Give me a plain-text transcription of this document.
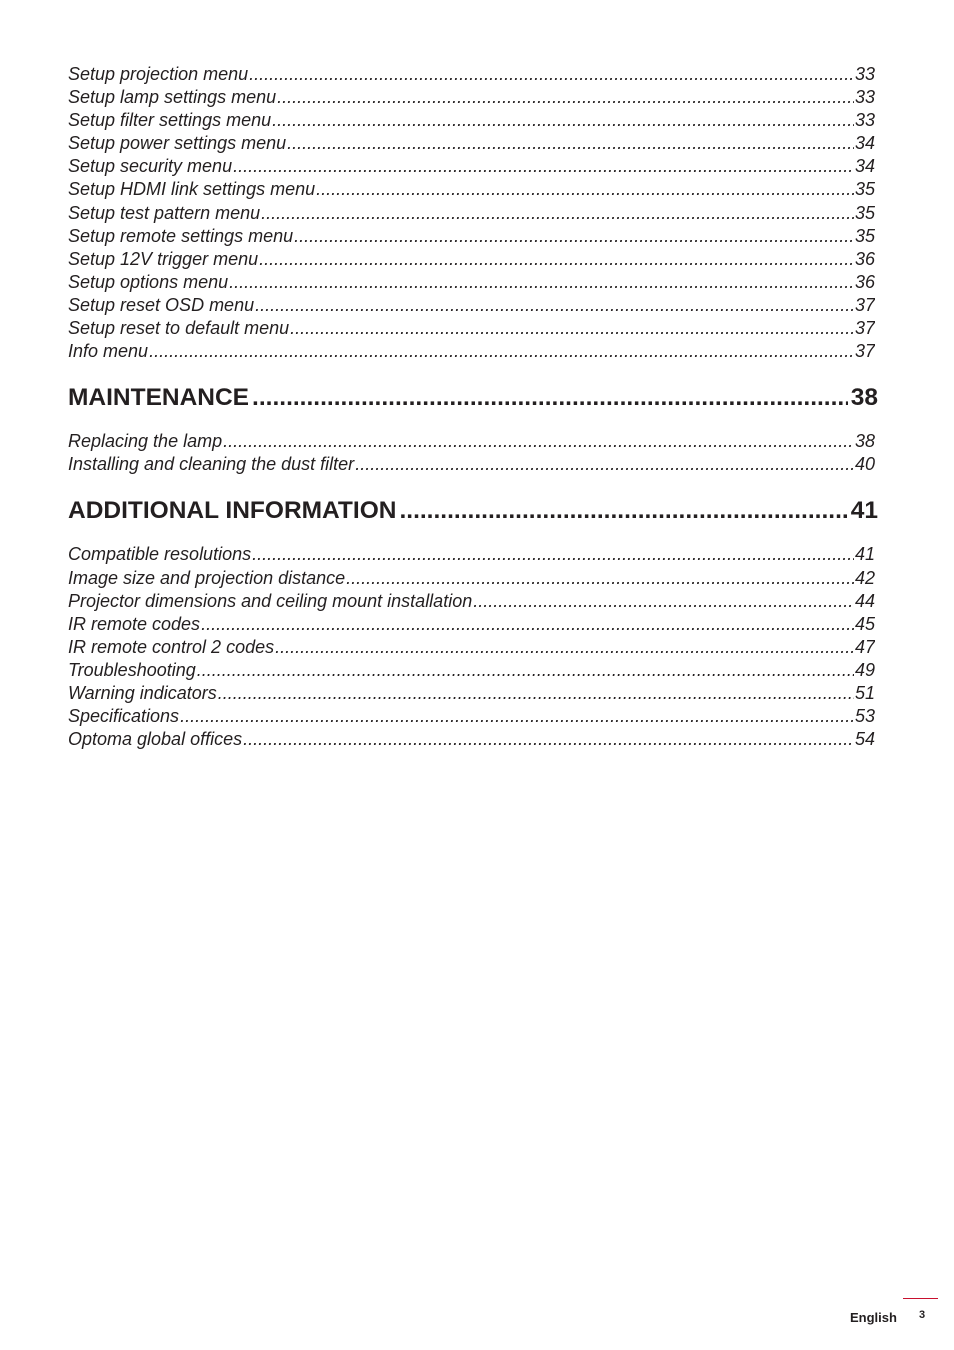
Setup projection menu .....	33
Setup lamp settings menu .....	33
Setup filter settings menu .....	33
Setup power settings menu .....	34
Setup security menu .....	34
Setup HDMI link settings menu .....	35
Setup test pattern menu .....	35
Setup remote settings menu .....	35
Setup 12V trigger menu .....	36
Setup options menu .....	36
Setup reset OSD menu .....	37
Setup reset to default menu .....	37
Info menu .....	37
MAINTENANCE .....	38
Replacing the lamp .....	38
Installing and cleaning the dust filter .....	40
ADDITIONAL INFORMATION .....	41
Compatible resolutions .....	41
Image size and projection distance .....	42
Projector dimensions and ceiling mount installation .....	44
IR remote codes .....	45
IR remote control 2 codes .....	47
Troubleshooting .....	49
Warning indicators .....	51
Specifications .....	53
Optoma global offices .....	54
English 3
